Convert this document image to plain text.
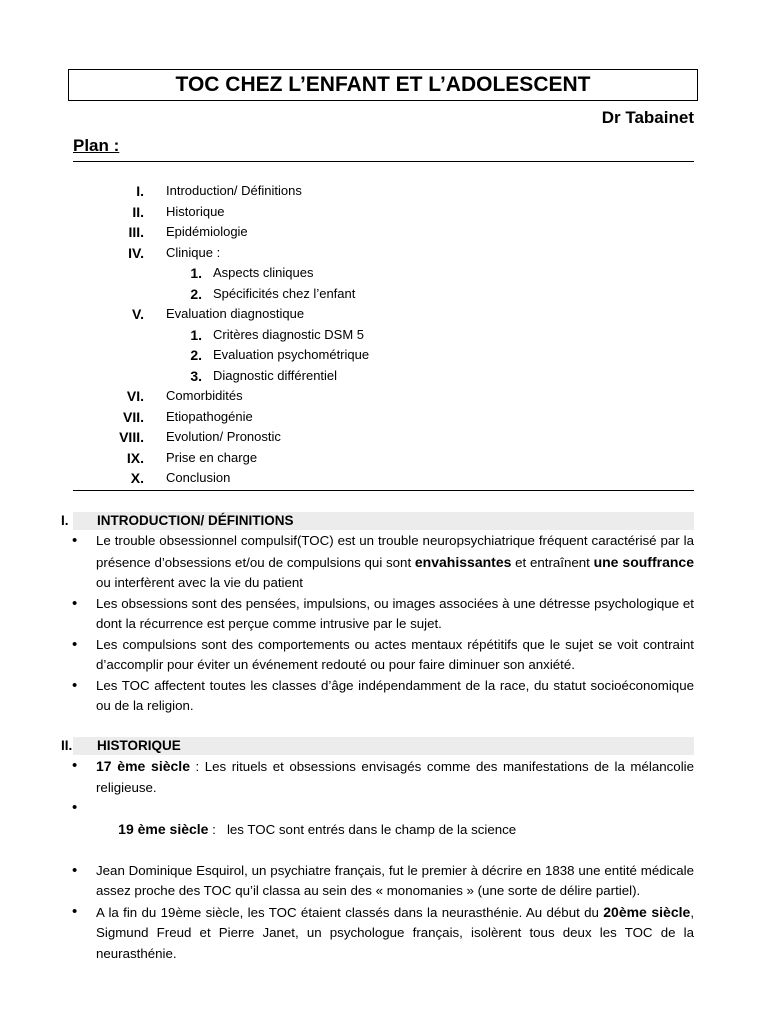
TOC CHEZ L’ENFANT ET L’ADOLESCENT
Dr Tabainet
Plan :
I. Introduction/ Définitions
II. Historique
III. Epidémiologie
IV. Clinique :
1. Aspects cliniques
2. Spécificités chez l’enfant
V. Evaluation diagnostique
1. Critères diagnostic DSM 5
2. Evaluation psychométrique
3. Diagnostic différentiel
VI. Comorbidités
VII. Etiopathogénie
VIII. Evolution/ Pronostic
IX. Prise en charge
X. Conclusion
I. INTRODUCTION/ DÉFINITIONS
• Le trouble obsessionnel compulsif(TOC) est un trouble neuropsychiatrique fréquent caractérisé par la présence d’obsessions et/ou de compulsions qui sont envahissantes et entraînent une souffrance ou interfèrent avec la vie du patient
• Les obsessions sont des pensées, impulsions, ou images associées à une détresse psychologique et dont la récurrence est perçue comme intrusive par le sujet.
• Les compulsions sont des comportements ou actes mentaux répétitifs que le sujet se voit contraint d’accomplir pour éviter un événement redouté ou pour faire diminuer son anxiété.
• Les TOC affectent toutes les classes d’âge indépendamment de la race, du statut socioéconomique ou de la religion.
II. HISTORIQUE
• 17 ème siècle : Les rituels et obsessions envisagés comme des manifestations de la mélancolie religieuse.

• 19 ème siècle :   les TOC sont entrés dans le champ de la science

• Jean Dominique Esquirol, un psychiatre français, fut le premier à décrire en 1838 une entité médicale assez proche des TOC qu’il classa au sein des « monomanies » (une sorte de délire partiel).
• A la fin du 19ème siècle, les TOC étaient classés dans la neurasthénie. Au début du 20ème siècle, Sigmund Freud et Pierre Janet, un psychologue français, isolèrent tous deux les TOC de la neurasthénie.
